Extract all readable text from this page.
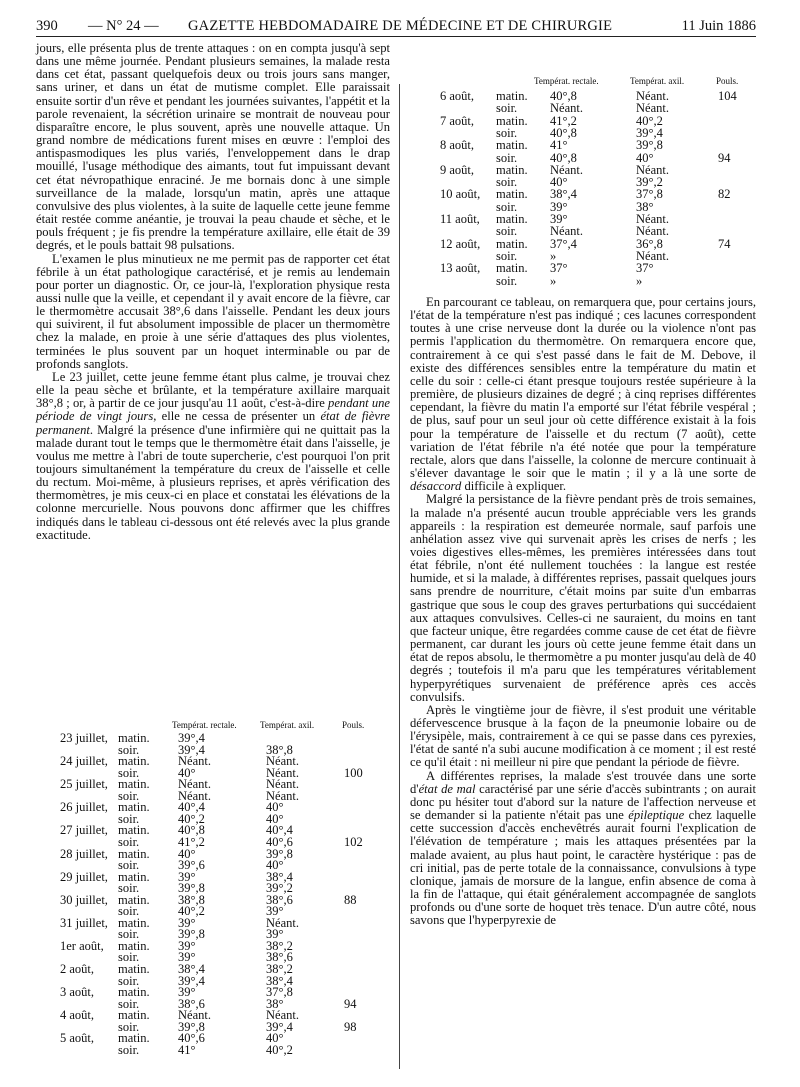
390 — N° 24 — GAZETTE HEBDOMADAIRE DE MÉDECINE ET DE CHIRURGIE	11 Juin 1886

jours, elle présenta plus de trente attaques : on en compta jusqu'à sept dans une même journée. Pendant plusieurs semaines, la malade resta dans cet état, passant quelquefois deux ou trois jours sans manger, sans uriner, et dans un état de mutisme complet. Elle paraissait ensuite sortir d'un rêve et pendant les journées suivantes, l'appétit et la parole revenaient, la sécrétion urinaire se montrait de nouveau pour disparaître encore, le plus souvent, après une nouvelle attaque. Un grand nombre de médications furent mises en œuvre : l'emploi des antispasmodiques les plus variés, l'enveloppement dans le drap mouillé, l'usage méthodique des aimants, tout fut impuissant devant cet état névropathique enraciné. Je me bornais donc à une simple surveillance de la malade, lorsqu'un matin, après une attaque convulsive des plus violentes, à la suite de laquelle cette jeune femme était restée comme anéantie, je trouvai la peau chaude et sèche, et le pouls fréquent ; je fis prendre la température axillaire, elle était de 39 degrés, et le pouls battait 98 pulsations.

L'examen le plus minutieux ne me permit pas de rapporter cet état fébrile à un état pathologique caractérisé, et je remis au lendemain pour porter un diagnostic. Or, ce jour-là, l'exploration physique resta aussi nulle que la veille, et cependant il y avait encore de la fièvre, car le thermomètre accusait 38°,6 dans l'aisselle. Pendant les deux jours qui suivirent, il fut absolument impossible de placer un thermomètre chez la malade, en proie à une série d'attaques des plus violentes, terminées le plus souvent par un hoquet interminable ou par de profonds sanglots.

Le 23 juillet, cette jeune femme étant plus calme, je trouvai chez elle la peau sèche et brûlante, et la température axillaire marquait 38°,8 ; or, à partir de ce jour jusqu'au 11 août, c'est-à-dire pendant une période de vingt jours, elle ne cessa de présenter un état de fièvre permanent. Malgré la présence d'une infirmière qui ne quittait pas la malade durant tout le temps que le thermomètre était dans l'aisselle, je voulus me mettre à l'abri de toute supercherie, c'est pourquoi l'on prit toujours simultanément la température du creux de l'aisselle et celle du rectum. Moi-même, à plusieurs reprises, et après vérification des thermomètres, je mis ceux-ci en place et constatai les élévations de la colonne mercurielle. Nous pouvons donc affirmer que les chiffres indiqués dans le tableau ci-dessous ont été relevés avec la plus grande exactitude.

Températ. rectale.	Températ. axil.	Pouls.
23 juillet, matin. 39°,4
soir.	39°,4	38°,8
24 juillet, matin. Néant.	Néant.
soir.	40°	Néant.	100
25 juillet, matin. Néant.	Néant.
soir.	Néant.	Néant.
26 juillet, matin. 40°,4	40°
soir.	40°,2	40°
27 juillet, matin. 40°,8	40°,4
soir.	41°,2	40°,6	102
28 juillet, matin. 40°	39°,8
soir.	39°,6	40°
29 juillet, matin. 39°	38°,4
soir.	39°,8	39°,2
30 juillet, matin. 38°,8	38°,6	88
soir.	40°,2	39°
31 juillet, matin. 39°	Néant.
soir.	39°,8	39°
1er août, matin. 39°	38°,2
soir.	39°	38°,6
2 août, matin. 38°,4	38°,2
soir.	39°,4	38°,4
3 août, matin. 39°	37°,8
soir.	38°,6	38°	94
4 août, matin. Néant.	Néant.
soir.	39°,8	39°,4	98
5 août, matin. 40°,6	40°
soir.	41°	40°,2
Températ. rectale.	Températ. axil.	Pouls.
6 août, matin. 40°,8	Néant.	104
soir.	Néant.	Néant.
7 août, matin. 41°,2	40°,2
soir.	40°,8	39°,4
8 août, matin. 41°	39°,8
soir.	40°,8	40°	94
9 août, matin. Néant.	Néant.
soir.	40°	39°,2
10 août, matin. 38°,4	37°,8	82
soir.	39°	38°
11 août, matin. 39°	Néant.
soir.	Néant.	Néant.
12 août, matin. 37°,4	36°,8	74
soir.	»	Néant.
13 août, matin. 37°	37°
soir.	»	»

En parcourant ce tableau, on remarquera que, pour certains jours, l'état de la température n'est pas indiqué ; ces lacunes correspondent toutes à une crise nerveuse dont la durée ou la violence n'ont pas permis l'application du thermomètre. On remarquera encore que, contrairement à ce qui s'est passé dans le fait de M. Debove, il existe des différences sensibles entre la température du matin et celle du soir : celle-ci étant presque toujours restée supérieure à la première, de plusieurs dizaines de degré ; à cinq reprises différentes cependant, la fièvre du matin l'a emporté sur l'état fébrile vespéral ; de plus, sauf pour un seul jour où cette différence existait à la fois pour la température de l'aisselle et du rectum (7 août), cette variation de l'état fébrile n'a été notée que pour la température rectale, alors que dans l'aisselle, la colonne de mercure continuait à s'élever davantage le soir que le matin ; il y a là une sorte de désaccord difficile à expliquer.

Malgré la persistance de la fièvre pendant près de trois semaines, la malade n'a présenté aucun trouble appréciable vers les grands appareils : la respiration est demeurée normale, sauf parfois une anhélation assez vive qui survenait après les crises de nerfs ; les voies digestives elles-mêmes, les premières intéressées dans tout état fébrile, n'ont été nullement touchées : la langue est restée humide, et si la malade, à différentes reprises, passait quelques jours sans prendre de nourriture, c'était moins par suite d'un embarras gastrique que sous le coup des graves perturbations qui succédaient aux attaques convulsives. Celles-ci ne sauraient, du moins en tant que facteur unique, être regardées comme cause de cet état de fièvre permanent, car durant les jours où cette jeune femme était dans un état de repos absolu, le thermomètre a pu monter jusqu'au delà de 40 degrés ; toutefois il m'a paru que les températures véritablement hyperpyrétiques survenaient de préférence après ces accès convulsifs.

Après le vingtième jour de fièvre, il s'est produit une véritable défervescence brusque à la façon de la pneumonie lobaire ou de l'érysipèle, mais, contrairement à ce qui se passe dans ces pyrexies, l'état de santé n'a subi aucune modification à ce moment ; il est resté ce qu'il était : ni meilleur ni pire que pendant la période de fièvre.

A différentes reprises, la malade s'est trouvée dans une sorte d'état de mal caractérisé par une série d'accès subintrants ; on aurait donc pu hésiter tout d'abord sur la nature de l'affection nerveuse et se demander si la patiente n'était pas une épileptique chez laquelle cette succession d'accès enchevêtrés aurait fourni l'explication de l'élévation de température ; mais les attaques présentées par la malade avaient, au plus haut point, le caractère hystérique : pas de cri initial, pas de perte totale de la connaissance, convulsions à type clonique, jamais de morsure de la langue, enfin absence de coma à la fin de l'attaque, qui était généralement accompagnée de sanglots profonds ou d'une sorte de hoquet très tenace. D'un autre côté, nous savons que l'hyperpyrexie de
